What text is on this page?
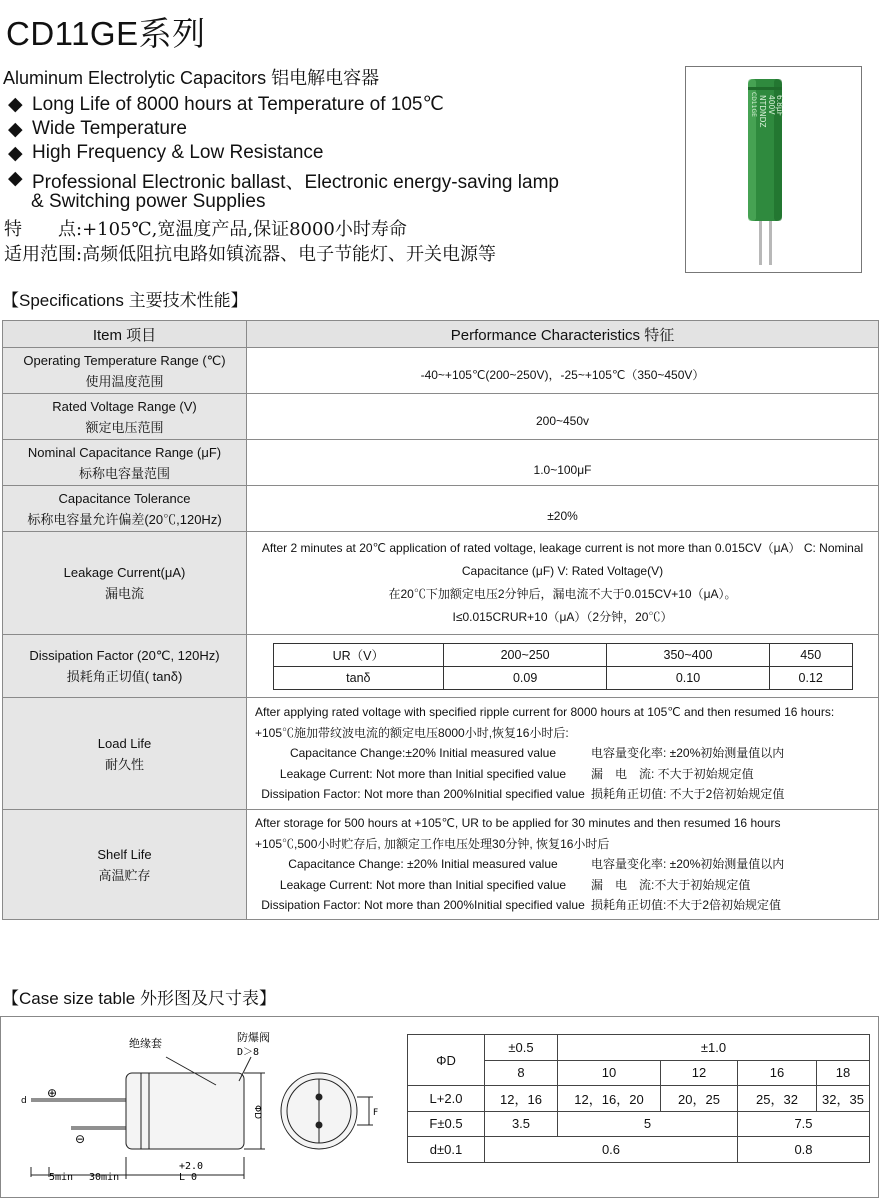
CD11GE系列
Aluminum Electrolytic Capacitors 铝电解电容器
◆ Long Life of 8000 hours at Temperature of 105℃
◆ Wide Temperature
◆ High Frequency & Low Resistance
◆ Professional Electronic ballast、Electronic energy-saving lamp
& Switching power Supplies
特　　点:+105℃,宽温度产品,保证8000小时寿命
适用范围:高频低阻抗电路如镇流器、电子节能灯、开关电源等
NTDNDZ 400V 6.8μF
CD11GE
【Specifications 主要技术性能】
Item 项目	Performance Characteristics 特征

Operating Temperature Range (℃)
使用温度范围	-40~+105℃(200~250V)，-25~+105℃（350~450V）

Rated Voltage Range (V)
额定电压范围	200~450v

Nominal Capacitance Range (μF)
标称电容量范围	1.0~100μF

Capacitance Tolerance
标称电容量允许偏差(20℃,120Hz)	±20%

Leakage Current(μA)
漏电流

After 2 minutes at 20℃ application of rated voltage, leakage current is not more than 0.015CV（μA） C: Nominal
Capacitance (μF) V: Rated Voltage(V)
在20℃下加额定电压2分钟后，漏电流不大于0.015CV+10（μA）。
I≤0.015CRUR+10（μA）（2分钟，20℃）

Dissipation Factor (20℃, 120Hz)
损耗角正切值( tanδ)

UR（V）	200~250	350~400	450
tanδ	0.09	0.10	0.12

Load Life
耐久性

After applying rated voltage with specified ripple current for 8000 hours at 105℃ and then resumed 16 hours:
+105℃施加带纹波电流的额定电压8000小时,恢复16小时后:
Capacitance Change:±20% Initial measured value	电容量变化率: ±20%初始测量值以内
Leakage Current: Not more than Initial specified value	漏　电　流: 不大于初始规定值
Dissipation Factor: Not more than 200%Initial specified value 损耗角正切值: 不大于2倍初始规定值

Shelf Life
高温贮存

After storage for 500 hours at +105℃, UR to be applied for 30 minutes and then resumed 16 hours
+105℃,500小时贮存后, 加额定工作电压处理30分钟, 恢复16小时后
Capacitance Change: ±20% Initial measured value	电容量变化率: ±20%初始测量值以内
Leakage Current: Not more than Initial specified value	漏　电　流:不大于初始规定值
Dissipation Factor: Not more than 200%Initial specified value 损耗角正切值:不大于2倍初始规定值
【Case size table 外形图及尺寸表】
绝缘套	防爆阀
D＞8
⊕
⊖
5min 30min
+2.0
L 0
ΦD	F
d
ΦD	±0.5	±1.0			
	8	10	12	16	18
L+2.0	12，16	12，16，20	20，25	25，32	32，35
F±0.5	3.5	5		7.5	
d±0.1	0.6			0.8	
